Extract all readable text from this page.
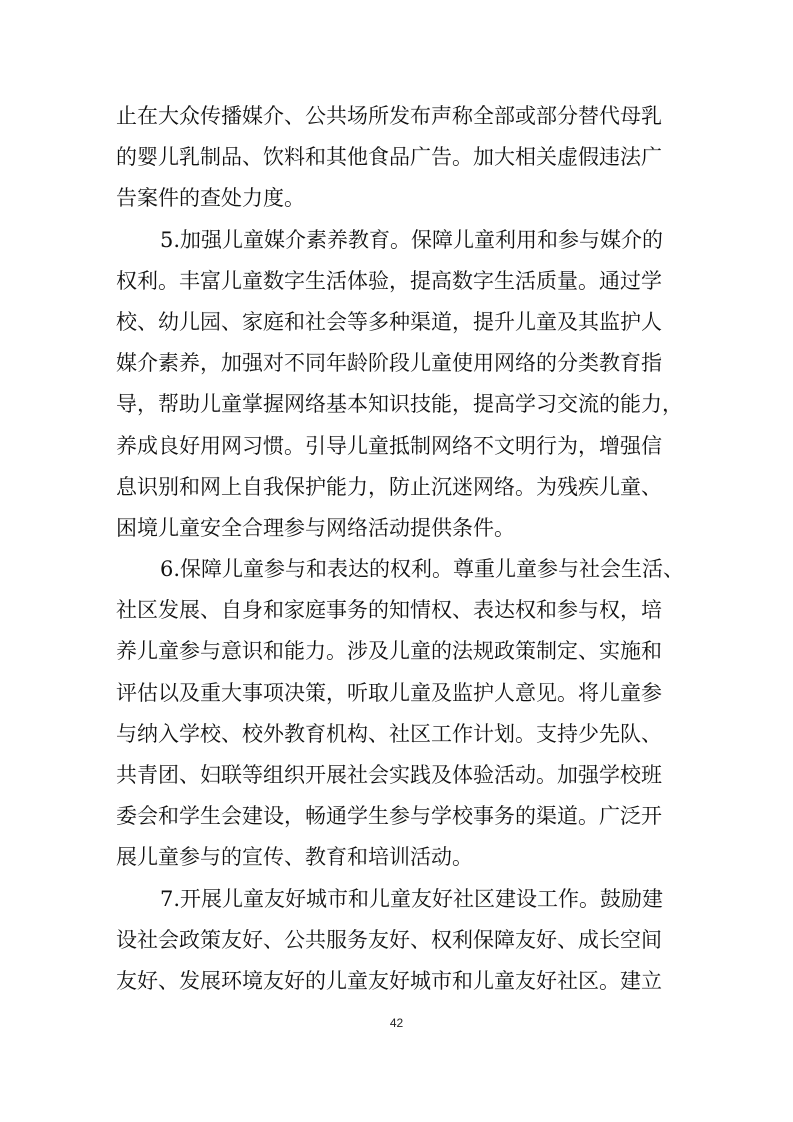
止在大众传播媒介、公共场所发布声称全部或部分替代母乳
的婴儿乳制品、饮料和其他食品广告。加大相关虚假违法广
告案件的查处力度。
5.加强儿童媒介素养教育。保障儿童利用和参与媒介的
权利。丰富儿童数字生活体验，提高数字生活质量。通过学
校、幼儿园、家庭和社会等多种渠道，提升儿童及其监护人
媒介素养，加强对不同年龄阶段儿童使用网络的分类教育指
导，帮助儿童掌握网络基本知识技能，提高学习交流的能力，
养成良好用网习惯。引导儿童抵制网络不文明行为，增强信
息识别和网上自我保护能力，防止沉迷网络。为残疾儿童、
困境儿童安全合理参与网络活动提供条件。
6.保障儿童参与和表达的权利。尊重儿童参与社会生活、
社区发展、自身和家庭事务的知情权、表达权和参与权，培
养儿童参与意识和能力。涉及儿童的法规政策制定、实施和
评估以及重大事项决策，听取儿童及监护人意见。将儿童参
与纳入学校、校外教育机构、社区工作计划。支持少先队、
共青团、妇联等组织开展社会实践及体验活动。加强学校班
委会和学生会建设，畅通学生参与学校事务的渠道。广泛开
展儿童参与的宣传、教育和培训活动。
7.开展儿童友好城市和儿童友好社区建设工作。鼓励建
设社会政策友好、公共服务友好、权利保障友好、成长空间
友好、发展环境友好的儿童友好城市和儿童友好社区。建立
42
